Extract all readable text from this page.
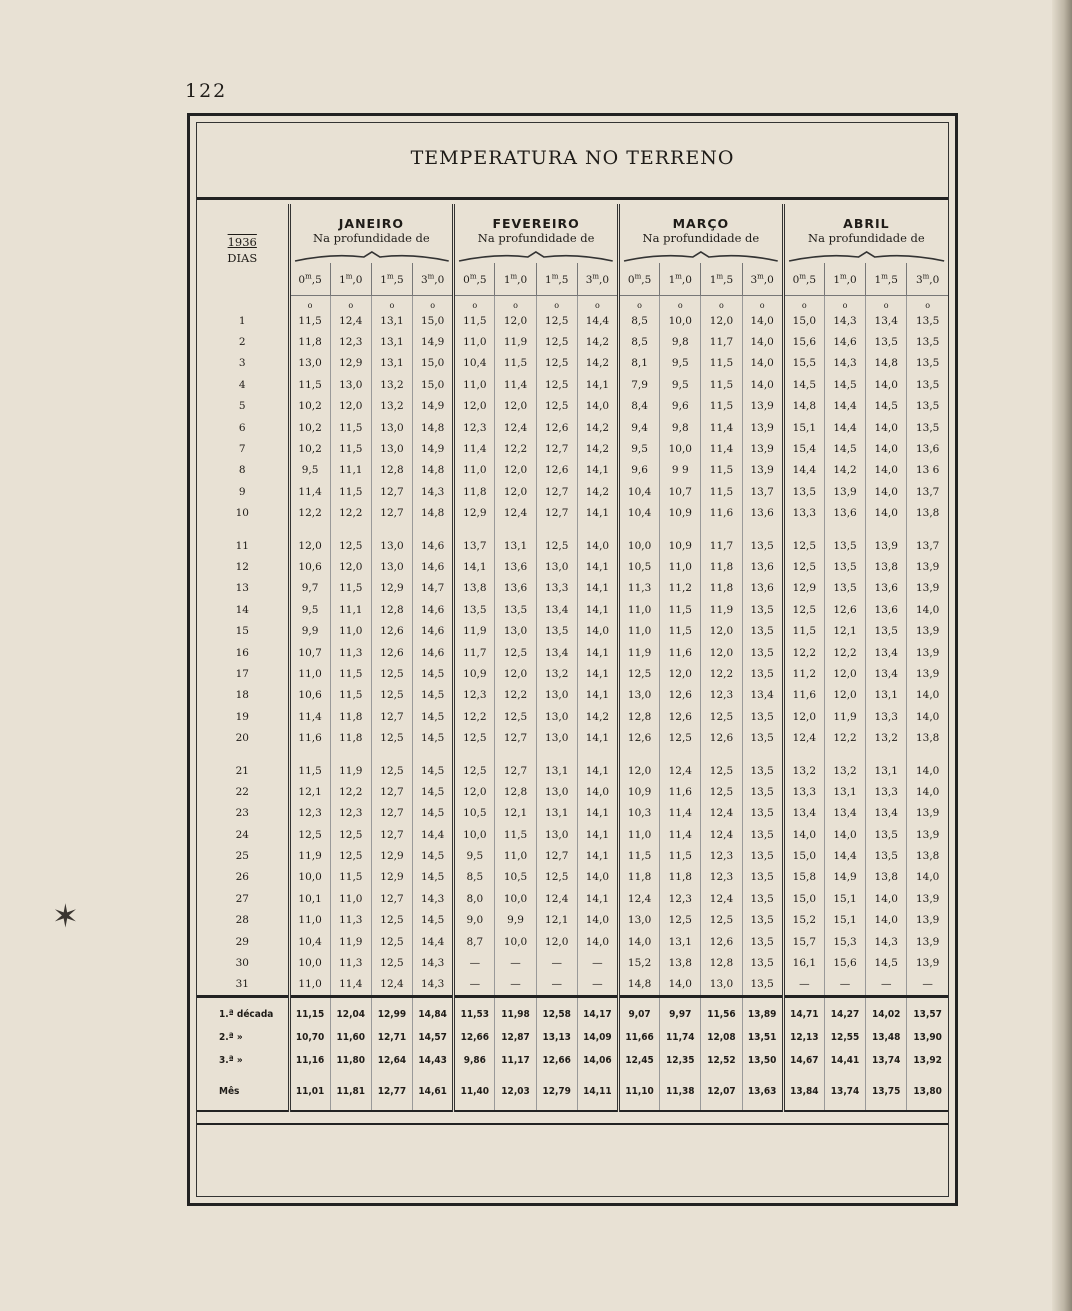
122
✶
TEMPERATURA NO TERRENO
1936
DIAS	JANEIRO				FEVEREIRO				MARÇO				ABRIL			
	Na profundidade de				Na profundidade de				Na profundidade de				Na profundidade de			

	0$^m$,5	1$^m$,0	1$^m$,5	3$^m$,0	0$^m$,5	1$^m$,0	1$^m$,5	3$^m$,0	0$^m$,5	1$^m$,0	1$^m$,5	3$^m$,0	0$^m$,5	1$^m$,0	1$^m$,5	3$^m$,0
	o	o	o	o	o	o	o	o	o	o	o	o	o	o	o	o
1	11,5	12,4	13,1	15,0	11,5	12,0	12,5	14,4	8,5	10,0	12,0	14,0	15,0	14,3	13,4	13,5
2	11,8	12,3	13,1	14,9	11,0	11,9	12,5	14,2	8,5	9,8	11,7	14,0	15,6	14,6	13,5	13,5
3	13,0	12,9	13,1	15,0	10,4	11,5	12,5	14,2	8,1	9,5	11,5	14,0	15,5	14,3	14,8	13,5
4	11,5	13,0	13,2	15,0	11,0	11,4	12,5	14,1	7,9	9,5	11,5	14,0	14,5	14,5	14,0	13,5
5	10,2	12,0	13,2	14,9	12,0	12,0	12,5	14,0	8,4	9,6	11,5	13,9	14,8	14,4	14,5	13,5
6	10,2	11,5	13,0	14,8	12,3	12,4	12,6	14,2	9,4	9,8	11,4	13,9	15,1	14,4	14,0	13,5
7	10,2	11,5	13,0	14,9	11,4	12,2	12,7	14,2	9,5	10,0	11,4	13,9	15,4	14,5	14,0	13,6
8	9,5	11,1	12,8	14,8	11,0	12,0	12,6	14,1	9,6	9 9	11,5	13,9	14,4	14,2	14,0	13 6
9	11,4	11,5	12,7	14,3	11,8	12,0	12,7	14,2	10,4	10,7	11,5	13,7	13,5	13,9	14,0	13,7
10	12,2	12,2	12,7	14,8	12,9	12,4	12,7	14,1	10,4	10,9	11,6	13,6	13,3	13,6	14,0	13,8

11	12,0	12,5	13,0	14,6	13,7	13,1	12,5	14,0	10,0	10,9	11,7	13,5	12,5	13,5	13,9	13,7
12	10,6	12,0	13,0	14,6	14,1	13,6	13,0	14,1	10,5	11,0	11,8	13,6	12,5	13,5	13,8	13,9
13	9,7	11,5	12,9	14,7	13,8	13,6	13,3	14,1	11,3	11,2	11,8	13,6	12,9	13,5	13,6	13,9
14	9,5	11,1	12,8	14,6	13,5	13,5	13,4	14,1	11,0	11,5	11,9	13,5	12,5	12,6	13,6	14,0
15	9,9	11,0	12,6	14,6	11,9	13,0	13,5	14,0	11,0	11,5	12,0	13,5	11,5	12,1	13,5	13,9
16	10,7	11,3	12,6	14,6	11,7	12,5	13,4	14,1	11,9	11,6	12,0	13,5	12,2	12,2	13,4	13,9
17	11,0	11,5	12,5	14,5	10,9	12,0	13,2	14,1	12,5	12,0	12,2	13,5	11,2	12,0	13,4	13,9
18	10,6	11,5	12,5	14,5	12,3	12,2	13,0	14,1	13,0	12,6	12,3	13,4	11,6	12,0	13,1	14,0
19	11,4	11,8	12,7	14,5	12,2	12,5	13,0	14,2	12,8	12,6	12,5	13,5	12,0	11,9	13,3	14,0
20	11,6	11,8	12,5	14,5	12,5	12,7	13,0	14,1	12,6	12,5	12,6	13,5	12,4	12,2	13,2	13,8

21	11,5	11,9	12,5	14,5	12,5	12,7	13,1	14,1	12,0	12,4	12,5	13,5	13,2	13,2	13,1	14,0
22	12,1	12,2	12,7	14,5	12,0	12,8	13,0	14,0	10,9	11,6	12,5	13,5	13,3	13,1	13,3	14,0
23	12,3	12,3	12,7	14,5	10,5	12,1	13,1	14,1	10,3	11,4	12,4	13,5	13,4	13,4	13,4	13,9
24	12,5	12,5	12,7	14,4	10,0	11,5	13,0	14,1	11,0	11,4	12,4	13,5	14,0	14,0	13,5	13,9
25	11,9	12,5	12,9	14,5	9,5	11,0	12,7	14,1	11,5	11,5	12,3	13,5	15,0	14,4	13,5	13,8
26	10,0	11,5	12,9	14,5	8,5	10,5	12,5	14,0	11,8	11,8	12,3	13,5	15,8	14,9	13,8	14,0
27	10,1	11,0	12,7	14,3	8,0	10,0	12,4	14,1	12,4	12,3	12,4	13,5	15,0	15,1	14,0	13,9
28	11,0	11,3	12,5	14,5	9,0	9,9	12,1	14,0	13,0	12,5	12,5	13,5	15,2	15,1	14,0	13,9
29	10,4	11,9	12,5	14,4	8,7	10,0	12,0	14,0	14,0	13,1	12,6	13,5	15,7	15,3	14,3	13,9
30	10,0	11,3	12,5	14,3	—	—	—	—	15,2	13,8	12,8	13,5	16,1	15,6	14,5	13,9
31	11,0	11,4	12,4	14,3	—	—	—	—	14,8	14,0	13,0	13,5	—	—	—	—
1.ª década	11,15	12,04	12,99	14,84	11,53	11,98	12,58	14,17	9,07	9,97	11,56	13,89	14,71	14,27	14,02	13,57
2.ª »	10,70	11,60	12,71	14,57	12,66	12,87	13,13	14,09	11,66	11,74	12,08	13,51	12,13	12,55	13,48	13,90
3.ª »	11,16	11,80	12,64	14,43	9,86	11,17	12,66	14,06	12,45	12,35	12,52	13,50	14,67	14,41	13,74	13,92
Mês	11,01	11,81	12,77	14,61	11,40	12,03	12,79	14,11	11,10	11,38	12,07	13,63	13,84	13,74	13,75	13,80
